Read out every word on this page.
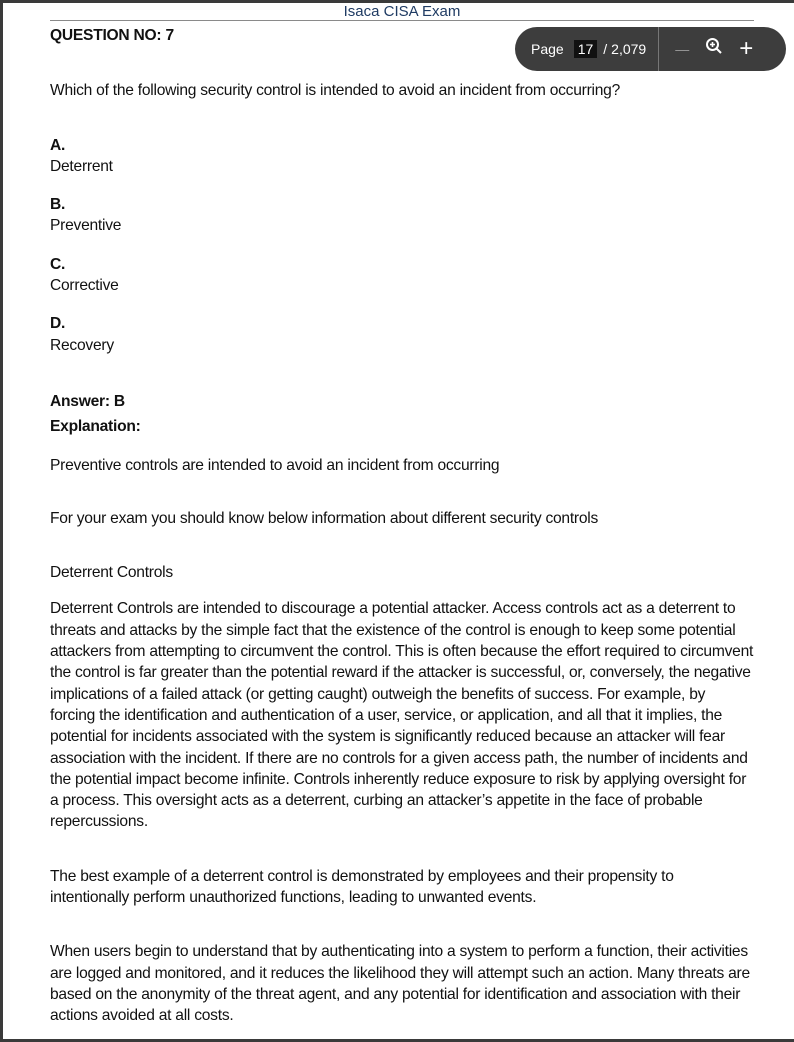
Isaca CISA Exam
QUESTION NO: 7
Which of the following security control is intended to avoid an incident from occurring?
A.
Deterrent
B.
Preventive
C.
Corrective
D.
Recovery
Answer: B
Explanation:
Preventive controls are intended to avoid an incident from occurring
For your exam you should know below information about different security controls
Deterrent Controls
Deterrent Controls are intended to discourage a potential attacker. Access controls act as a deterrent to threats and attacks by the simple fact that the existence of the control is enough to keep some potential attackers from attempting to circumvent the control. This is often because the effort required to circumvent the control is far greater than the potential reward if the attacker is successful, or, conversely, the negative implications of a failed attack (or getting caught) outweigh the benefits of success. For example, by forcing the identification and authentication of a user, service, or application, and all that it implies, the potential for incidents associated with the system is significantly reduced because an attacker will fear association with the incident. If there are no controls for a given access path, the number of incidents and the potential impact become infinite. Controls inherently reduce exposure to risk by applying oversight for a process. This oversight acts as a deterrent, curbing an attacker’s appetite in the face of probable repercussions.
The best example of a deterrent control is demonstrated by employees and their propensity to intentionally perform unauthorized functions, leading to unwanted events.
When users begin to understand that by authenticating into a system to perform a function, their activities are logged and monitored, and it reduces the likelihood they will attempt such an action. Many threats are based on the anonymity of the threat agent, and any potential for identification and association with their actions avoided at all costs.
Page 17 / 2,079 — +
